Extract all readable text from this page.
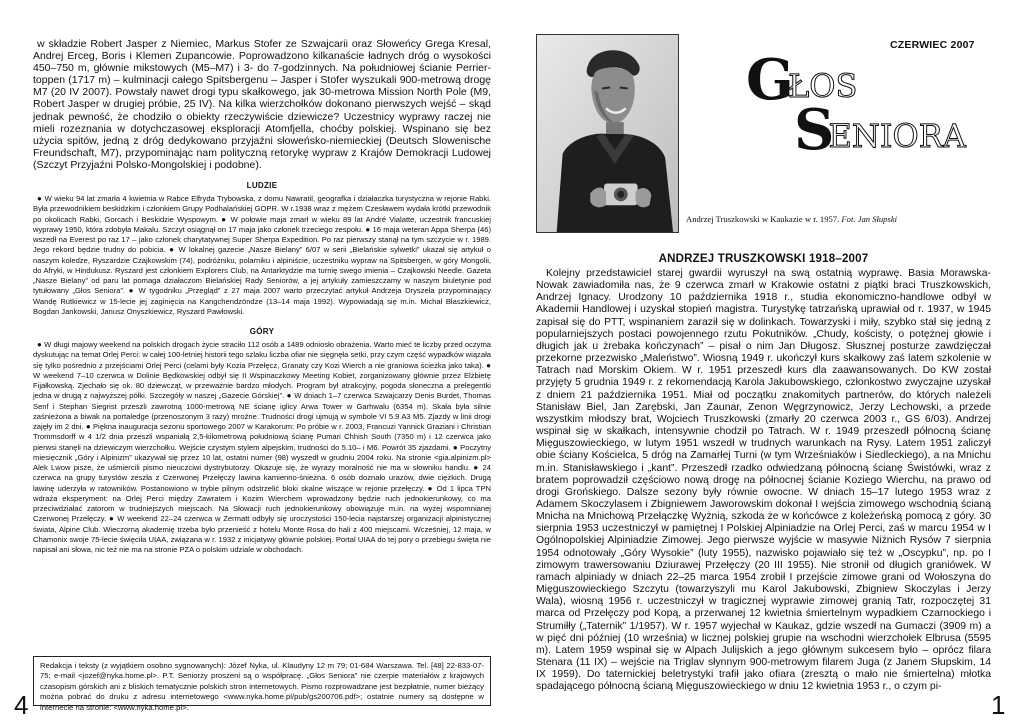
w składzie Robert Jasper z Niemiec, Markus Stofer ze Szwajcarii oraz Słoweńcy Grega Kresal, Andrej Erceg, Boris i Klemen Zupancowie. Poprowadzono kilkanaście ładnych dróg o wysokości 450–750 m, głównie mikstowych (M5–M7) i 3- do 7-godzinnych. Na południowej ścianie Perrier-toppen (1717 m) – kulminacji całego Spitsbergenu – Jasper i Stofer wyszukali 900-metrową drogę M7 (20 IV 2007). Powstały nawet drogi typu skałkowego, jak 30-metrowa Mission North Pole (M9, Robert Jasper w drugiej próbie, 25 IV). Na kilka wierzchołków dokonano pierwszych wejść – skąd jednak pewność, że chodziło o obiekty rzeczywiście dziewicze? Uczestnicy wyprawy raczej nie mieli rozeznania w dotychczasowej eksploracji Atomfjella, choćby polskiej. Wspinano się bez użycia spitów, jedną z dróg dedykowano przyjaźni słoweńsko-niemieckiej (Deutsch Slowenische Freundschaft, M7), przypominając nam polityczną retorykę wypraw z Krajów Demokracji Ludowej (Szczyt Przyjaźni Polsko-Mongolskiej i podobne).

LUDZIE

● W wieku 94 lat zmarła 4 kwietnia w Rabce Elfryda Trybowska, z domu Nawratil, geografka i działaczka turystyczna w rejonie Rabki. Była przewodnikiem beskidzkim i członkiem Grupy Podhalańskiej GOPR. W r.1938 wraz z mężem Czesławem wydała krótki przewodnik po okolicach Rabki, Gorcach i Beskidzie Wyspowym. ● W połowie maja zmarł w wieku 89 lat André Vialatte, uczestnik francuskiej wyprawy 1950, która zdobyła Makalu. Szczyt osiągnął on 17 maja jako członek trzeciego zespołu. ● 16 maja weteran Appa Sherpa (46) wszedł na Everest po raz 17 – jako członek charytatywnej Super Sherpa Expedition. Po raz pierwszy stanął na tym szczycie w r. 1989. Jego rekord będzie trudny do pobicia. ● W lokalnej gazecie „Nasze Bielany” 6/07 w serii „Bielańskie sylwetki” ukazał się artykuł o naszym koledze, Ryszardzie Czajkowskim (74), podróżniku, polarniku i alpiniście, uczestniku wypraw na Spitsbergen, w góry Mongolii, do Afryki, w Hindukusz. Ryszard jest członkiem Explorers Club, na Antarktydzie ma turnię swego imienia – Czajkowski Needle. Gazeta „Nasze Bielany” od paru lat pomaga działaczom Bielańskiej Rady Seniorów, a jej artykuły zamieszczamy w naszym biuletynie pod tytułowany „Głos Seniora”. ● W tygodniku „Przegląd” z 27 maja 2007 warto przeczytać artykuł Andrzeja Dryszela przypominający Wandę Rutkiewicz w 15-lecie jej zaginięcia na Kangchendzöndze (13–14 maja 1992). Wypowiadają się m.in. Michał Błaszkiewicz, Bogdan Jankowski, Janusz Onyszkiewicz, Ryszard Pawłowski.

GÓRY

● W długi majowy weekend na polskich drogach życie straciło 112 osób a 1489 odniosło obrażenia. Warto mieć te liczby przed oczyma dyskutując na temat Orlej Perci: w całej 100-letniej historii tego szlaku liczba ofiar nie sięgnęła setki, przy czym część wypadków wiązała się tylko pośrednio z przejściami Orlej Perci (celami były Kozia Przełęcz, Granaty czy Kozi Wierch a nie graniowa ścieżka jako taka). ● W weekend 7–10 czerwca w Dolinie Będkowskiej odbył się II Wspinaczkowy Meeting Kobiet, zorganizowany głównie przez Elżbietę Fijałkowską. Zjechało się ok. 80 dziewcząt, w przeważnie bardzo młodych. Program był atrakcyjny, pogoda słoneczna a prelegentki jedna w drugą z najwyższej półki. Szczegóły w naszej „Gazecie Górskiej”. ● W dniach 1–7 czerwca Szwajcarzy Denis Burdet, Thomas Senf i Stephan Siegrist przeszli zawrotną 1000-metrową NE ścianę iglicy Arwa Tower w Garhwalu (6354 m). Skała była silnie zaśnieżona a biwak na portaledge (przenoszonym 3 razy) mroźne. Trudności drogi ujmują w symbole VI 5.9 A3 M5. Zjazdy w linii drogi zajęły im 2 dni. ● Piękna inauguracja sezonu sportowego 2007 w Karakorum: Po próbie w r. 2003, Francuzi Yannick Graziani i Christian Trommsdorff w 4 1/2 dnia przeszli wspaniałą 2,5-kilometrową południową ścianę Pumari Chhish South (7350 m) i 12 czerwca jako pierwsi stanęli na dziewiczym wierzchołku. Wejście czystym stylem alpejskim, trudności do 5.10– i M6. Powrót 35 zjazdami. ● Poczytny miesięcznik „Góry i Alpinizm” ukazywał się przez 10 lat, ostatni numer (98) wyszedł w grudniu 2004 roku. Na stronie <gia.alpinizm.pl> Alek Lwow pisze, że uśmiercili pismo nieuczciwi dystrybutorzy. Okazuje się, że wyrazy moralność nie ma w słowniku handlu. ● 24 czerwca na grupy turystów zeszła z Czerwonej Przełęczy lawina kamienno-śnieżna. 6 osób doznało urazów, dwie ciężkich. Drugą lawinę uderzyła w ratowników. Postanowiono w trybie pilnym odstrzelić bloki skalne wiszące w rejonie przełęczy. ● Od 1 lipca TPN wdraża eksperyment: na Orlej Perci między Zawratem i Kozim Wierchem wprowadzony będzie ruch jednokierunkowy, co ma przeciwdziałać zatorom w trudniejszych miejscach. Na Słowacji ruch jednokierunkowy obowiązuje m.in. na wyżej wspomnianej Czerwonej Przełęczy. ● W weekend 22–24 czerwca w Zermatt odbyły się uroczystości 150-lecia najstarszej organizacji alpinistycznej świata, Alpine Club. Wieczorną akademię trzeba było przenieść z hotelu Monte Rosa do hali z 400 miejscami. Wcześniej, 12 maja, w Chamonix swoje 75-lecie święciła UIAA, związana w r. 1932 z inicjatywy głównie polskiej. Portal UIAA do tej pory o przebiegu święta nie napisał ani słowa, nic też nie ma na stronie PZA o polskim udziale w obchodach.

Redakcja i teksty (z wyjątkiem osobno sygnowanych): Józef Nyka, ul. Klaudyny 12 m 79; 01-684 Warszawa. Tel. [48] 22-833-07-75; e-mail <jozef@nyka.home.pl>. P.T. Seniorzy proszeni są o współpracę. „Głos Seniora” nie czerpie materiałów z krajowych czasopism górskich ani z bliskich tematycznie polskich stron internetowych. Pismo rozprowadzane jest bezpłatnie, numer bieżący można pobrać do druku z adresu internetowego <www.nyka.home.pl/pub/gs200706.pdf>; ostatnie numery są dostępne w internecie na stronie: <www.nyka.home.pl>.
4
Andrzej Truszkowski w Kaukazie w r. 1957. Fot. Jan Słupski
CZERWIEC 2007
GŁOS
SENIORA
ANDRZEJ TRUSZKOWSKI 1918–2007

Kolejny przedstawiciel starej gwardii wyruszył na swą ostatnią wyprawę. Basia Morawska-Nowak zawiadomiła nas, że 9 czerwca zmarł w Krakowie ostatni z piątki braci Truszkowskich, Andrzej Ignacy. Urodzony 10 października 1918 r., studia ekonomiczno-handlowe odbył w Akademii Handlowej i uzyskał stopień magistra. Turystykę tatrzańską uprawiał od r. 1937, w 1945 zapisał się do PTT, wspinaniem zaraził się w dolinkach. Towarzyski i miły, szybko stał się jedną z popularniejszych postaci powojennego rzutu Pokutników. „Chudy, kościsty, o potężnej głowie i długich jak u żrebaka kończynach” – pisał o nim Jan Długosz. Słusznej posturze zawdzięczał przekorne przezwisko „Maleństwo”. Wiosną 1949 r. ukończył kurs skałkowy zaś latem szkolenie w Tatrach nad Morskim Okiem. W r. 1951 przeszedł kurs dla zaawansowanych. Do KW został przyjęty 5 grudnia 1949 r. z rekomendacją Karola Jakubowskiego, członkostwo zwyczajne uzyskał z dniem 21 października 1951. Miał od początku znakomitych partnerów, do których należeli Stanisław Biel, Jan Zarębski, Jan Zaunar, Zenon Węgrzynowicz, Jerzy Lechowski, a przede wszystkim młodszy brat, Wojciech Truszkowski (zmarły 20 czerwca 2003 r., GS 6/03). Andrzej wspinał się w skałkach, intensywnie chodził po Tatrach. W r. 1949 przeszedł północną ścianę Mięguszowieckiego, w lutym 1951 wszedł w trudnych warunkach na Rysy. Latem 1951 zaliczył obie ściany Kościelca, 5 dróg na Zamarłej Turni (w tym Wrześniaków i Siedleckiego), a na Mnichu m.in. Stanisławskiego i „kant”. Przeszedł rzadko odwiedzaną północną ścianę Świstówki, wraz z bratem poprowadził częściowo nową drogę na północnej ścianie Koziego Wierchu, na prawo od drogi Grońskiego. Dalsze sezony były równie owocne. W dniach 15–17 lutego 1953 wraz z Adamem Skoczylasem i Zbigniewem Jaworowskim dokonał I wejścia zimowego wschodnią ścianą Mnicha na Mnichową Przełączkę Wyżnią, szkoda że w końcówce z koleżeńską pomocą z góry. 30 sierpnia 1953 uczestniczył w pamiętnej I Polskiej Alpiniadzie na Orlej Perci, zaś w marcu 1954 w I Ogólnopolskiej Alpiniadzie Zimowej. Jego pierwsze wyjście w masywie Niżnich Rysów 7 sierpnia 1954 odnotowały „Góry Wysokie” (luty 1955), nazwisko pojawiało się też w „Oscypku”, np. po I zimowym trawersowaniu Dziurawej Przełęczy (20 III 1955). Nie stronił od długich graniówek. W ramach alpiniady w dniach 22–25 marca 1954 zrobił I przejście zimowe grani od Wołoszyna do Mięguszowieckiego Szczytu (towarzyszyli mu Karol Jakubowski, Zbigniew Skoczylas i Jerzy Wala), wiosną 1956 r. uczestniczył w tragicznej wyprawie zimowej granią Tatr, rozpoczętej 31 marca od Przełęczy pod Kopą, a przerwanej 12 kwietnia śmiertelnym wypadkiem Czarnockiego i Strumiłły („Taternik” 1/1957). W r. 1957 wyjechał w Kaukaz, gdzie wszedł na Gumaczi (3909 m) a w pięć dni później (10 września) w licznej polskiej grupie na wschodni wierzchołek Elbrusa (5595 m). Latem 1959 wspinał się w Alpach Julijskich a jego głównym sukcesem było – oprócz filara Stenara (11 IX) – wejście na Triglav słynnym 900-metrowym filarem Juga (z Janem Słupskim, 14 IX 1959). Do taternickiej beletrystyki trafił jako ofiara (zresztą o mało nie śmiertelna) młotka spadającego północną ścianą Mięguszowieckiego w dniu 12 kwietnia 1953 r., o czym pi-

1
